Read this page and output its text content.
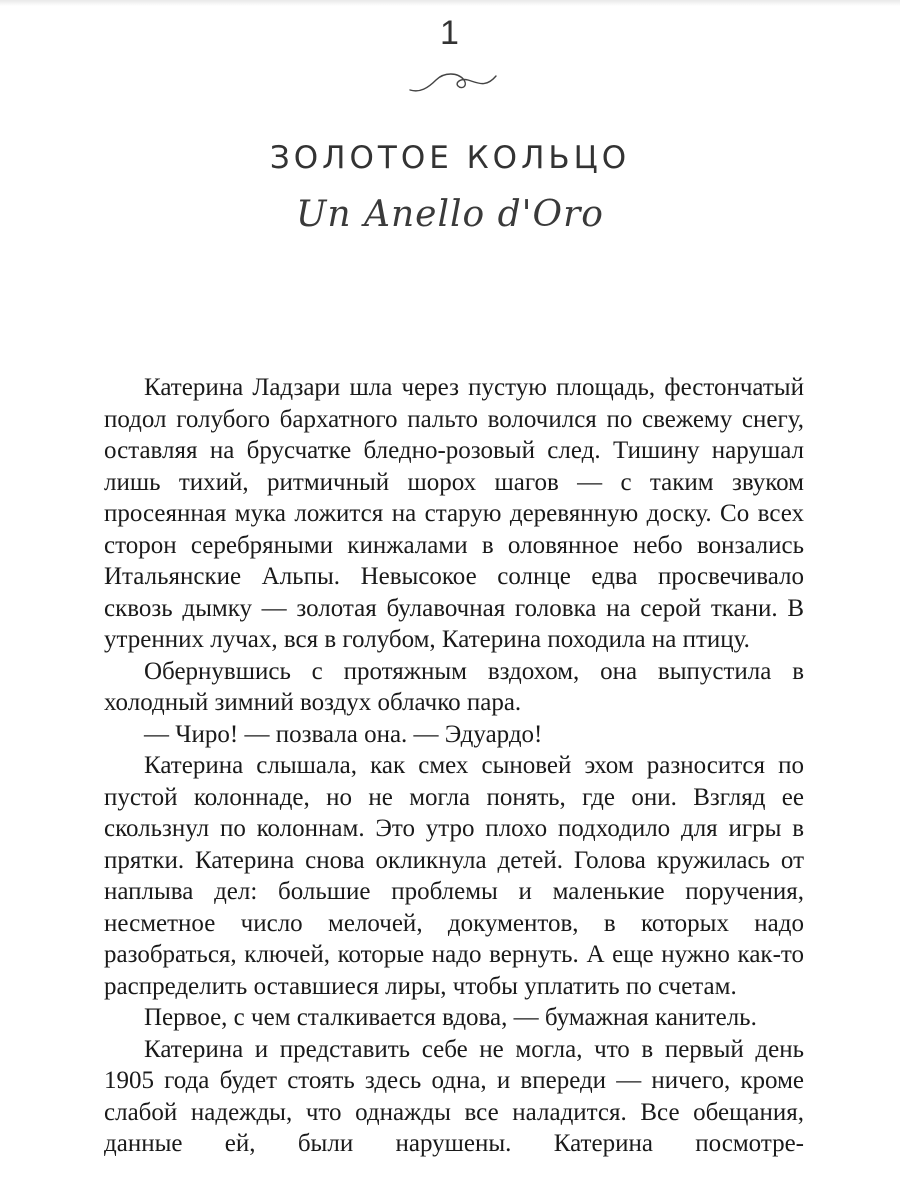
1
ЗОЛОТОЕ КОЛЬЦО
Un Anello d'Oro

Катерина Ладзари шла через пустую площадь, фестончатый подол голубого бархатного пальто волочился по свежему снегу, оставляя на брусчатке бледно-розовый след. Тишину нарушал лишь тихий, ритмичный шорох шагов — с таким звуком просеянная мука ложится на старую деревянную доску. Со всех сторон серебряными кинжалами в оловянное небо вонзались Итальянские Альпы. Невысокое солнце едва просвечивало сквозь дымку — золотая булавочная головка на серой ткани. В утренних лучах, вся в голубом, Катерина походила на птицу.

Обернувшись с протяжным вздохом, она выпустила в холодный зимний воздух облачко пара.

— Чиро! — позвала она. — Эдуардо!

Катерина слышала, как смех сыновей эхом разносится по пустой колоннаде, но не могла понять, где они. Взгляд ее скользнул по колоннам. Это утро плохо подходило для игры в прятки. Катерина снова окликнула детей. Голова кружилась от наплыва дел: большие проблемы и маленькие поручения, несметное число мелочей, документов, в которых надо разобраться, ключей, которые надо вернуть. А еще нужно как-то распределить оставшиеся лиры, чтобы уплатить по счетам.

Первое, с чем сталкивается вдова, — бумажная канитель.

Катерина и представить себе не могла, что в первый день 1905 года будет стоять здесь одна, и впереди — ничего, кроме слабой надежды, что однажды все наладится. Все обещания, данные ей, были нарушены. Катерина посмотре-
